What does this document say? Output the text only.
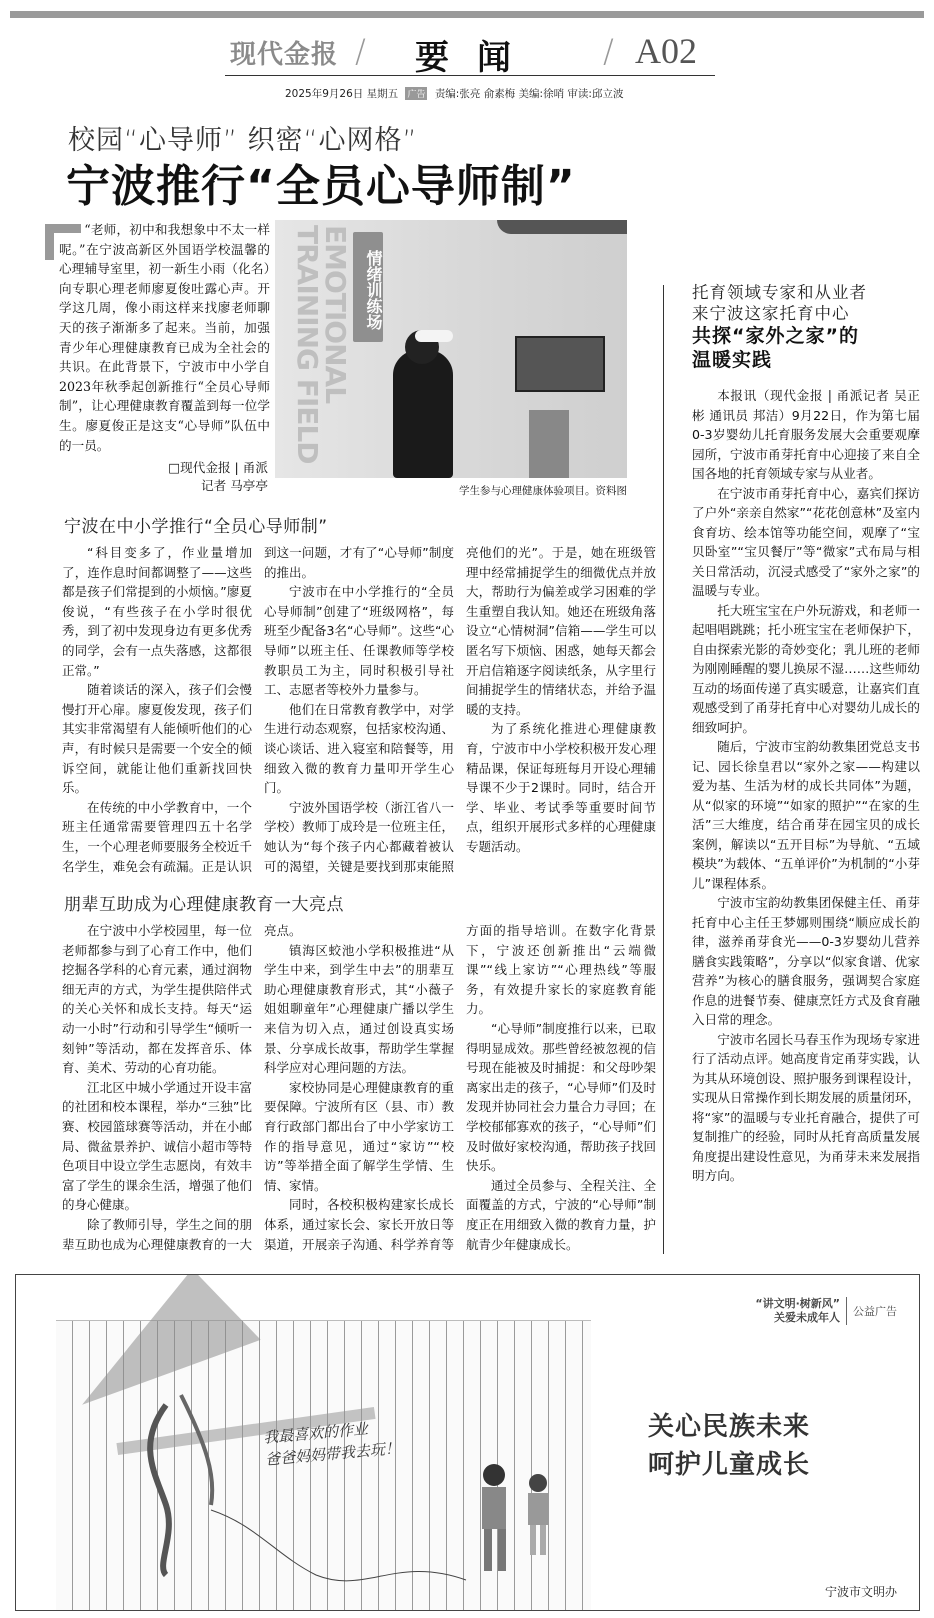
现代金报 / 要闻 / A02
2025年9月26日 星期五 广告 责编:张亮 俞素梅 美编:徐哨 审读:邱立波
校园“心导师” 织密“心网格”
宁波推行“全员心导师制”

“老师，初中和我想象中不太一样呢。”在宁波高新区外国语学校温馨的心理辅导室里，初一新生小雨（化名）向专职心理老师廖夏俊吐露心声。开学这几周，像小雨这样来找廖老师聊天的孩子渐渐多了起来。当前，加强青少年心理健康教育已成为全社会的共识。在此背景下，宁波市中小学自2023年秋季起创新推行“全员心导师制”，让心理健康教育覆盖到每一位学生。廖夏俊正是这支“心导师”队伍中的一员。

□现代金报 | 甬派
记者 马亭亭
EMOTIONAL TRAINING FIELD	情绪训练场
学生参与心理健康体验项目。资料图
宁波在中小学推行“全员心导师制”

“科目变多了，作业量增加了，连作息时间都调整了——这些都是孩子们常提到的小烦恼。”廖夏俊说，“有些孩子在小学时很优秀，到了初中发现身边有更多优秀的同学，会有一点失落感，这都很正常。”

随着谈话的深入，孩子们会慢慢打开心扉。廖夏俊发现，孩子们其实非常渴望有人能倾听他们的心声，有时候只是需要一个安全的倾诉空间，就能让他们重新找回快乐。

在传统的中小学教育中，一个班主任通常需要管理四五十名学生，一个心理老师要服务全校近千名学生，难免会有疏漏。正是认识到这一问题，才有了“心导师”制度的推出。

宁波市在中小学推行的“全员心导师制”创建了“班级网格”，每班至少配备3名“心导师”。这些“心导师”以班主任、任课教师等学校教职员工为主，同时积极引导社工、志愿者等校外力量参与。

他们在日常教育教学中，对学生进行动态观察，包括家校沟通、谈心谈话、进入寝室和陪餐等，用细致入微的教育力量叩开学生心门。

宁波外国语学校（浙江省八一学校）教师丁成玲是一位班主任，她认为“每个孩子内心都藏着被认可的渴望，关键是要找到那束能照亮他们的光”。于是，她在班级管理中经常捕捉学生的细微优点并放大，帮助行为偏差或学习困难的学生重塑自我认知。她还在班级角落设立“心情树洞”信箱——学生可以匿名写下烦恼、困惑，她每天都会开启信箱逐字阅读纸条，从字里行间捕捉学生的情绪状态，并给予温暖的支持。

为了系统化推进心理健康教育，宁波市中小学校积极开发心理精品课，保证每班每月开设心理辅导课不少于2课时。同时，结合开学、毕业、考试季等重要时间节点，组织开展形式多样的心理健康专题活动。

朋辈互助成为心理健康教育一大亮点

在宁波中小学校园里，每一位老师都参与到了心育工作中，他们挖掘各学科的心育元素，通过润物细无声的方式，为学生提供陪伴式的关心关怀和成长支持。每天“运动一小时”行动和引导学生“倾听一刻钟”等活动，都在发挥音乐、体育、美术、劳动的心育功能。

江北区中城小学通过开设丰富的社团和校本课程，举办“三独”比赛、校园篮球赛等活动，并在小邮局、微盆景养护、诚信小超市等特色项目中设立学生志愿岗，有效丰富了学生的课余生活，增强了他们的身心健康。

除了教师引导，学生之间的朋辈互助也成为心理健康教育的一大亮点。

镇海区蛟池小学积极推进“从学生中来，到学生中去”的朋辈互助心理健康教育形式，其“小薇子姐姐聊童年”心理健康广播以学生来信为切入点，通过创设真实场景、分享成长故事，帮助学生掌握科学应对心理问题的方法。

家校协同是心理健康教育的重要保障。宁波所有区（县、市）教育行政部门都出台了中小学家访工作的指导意见，通过“家访”“校访”等举措全面了解学生学情、生情、家情。

同时，各校积极构建家长成长体系，通过家长会、家长开放日等渠道，开展亲子沟通、科学养育等方面的指导培训。在数字化背景下，宁波还创新推出“云端微课”“线上家访”“心理热线”等服务，有效提升家长的家庭教育能力。

“心导师”制度推行以来，已取得明显成效。那些曾经被忽视的信号现在能被及时捕捉：和父母吵架离家出走的孩子，“心导师”们及时发现并协同社会力量合力寻回；在学校郁郁寡欢的孩子，“心导师”们及时做好家校沟通，帮助孩子找回快乐。

通过全员参与、全程关注、全面覆盖的方式，宁波的“心导师”制度正在用细致入微的教育力量，护航青少年健康成长。

托育领域专家和从业者
来宁波这家托育中心
共探“家外之家”的
温暖实践

本报讯（现代金报 | 甬派记者 吴正彬 通讯员 邦洁）9月22日，作为第七届0-3岁婴幼儿托育服务发展大会重要观摩园所，宁波市甬芽托育中心迎接了来自全国各地的托育领域专家与从业者。

在宁波市甬芽托育中心，嘉宾们探访了户外“亲亲自然家”“花花创意林”及室内食育坊、绘本馆等功能空间，观摩了“宝贝卧室”“宝贝餐厅”等“微家”式布局与相关日常活动，沉浸式感受了“家外之家”的温暖与专业。

托大班宝宝在户外玩游戏，和老师一起唱唱跳跳；托小班宝宝在老师保护下，自由探索光影的奇妙变化；乳儿班的老师为刚刚睡醒的婴儿换尿不湿……这些师幼互动的场面传递了真实暖意，让嘉宾们直观感受到了甬芽托育中心对婴幼儿成长的细致呵护。

随后，宁波市宝韵幼教集团党总支书记、园长徐皇君以“家外之家——构建以爱为基、生活为材的成长共同体”为题，从“似家的环境”“如家的照护”“在家的生活”三大维度，结合甬芽在园宝贝的成长案例，解读以“五开目标”为导航、“五域模块”为载体、“五单评价”为机制的“小芽儿”课程体系。

宁波市宝韵幼教集团保健主任、甬芽托育中心主任王梦娜则围绕“顺应成长韵律，滋养甬芽食光——0-3岁婴幼儿营养膳食实践策略”，分享以“似家食谱、优家营养”为核心的膳食服务，强调契合家庭作息的进餐节奏、健康烹饪方式及食育融入日常的理念。

宁波市名园长马春玉作为现场专家进行了活动点评。她高度肯定甬芽实践，认为其从环境创设、照护服务到课程设计，实现从日常操作到长期发展的质量闭环，将“家”的温暖与专业托育融合，提供了可复制推广的经验，同时从托育高质量发展角度提出建设性意见，为甬芽未来发展指明方向。

我最喜欢的作业
爸爸妈妈带我去玩！
“讲文明·树新风”
关爱未成年人	公益广告
关心民族未来
呵护儿童成长
宁波市文明办
